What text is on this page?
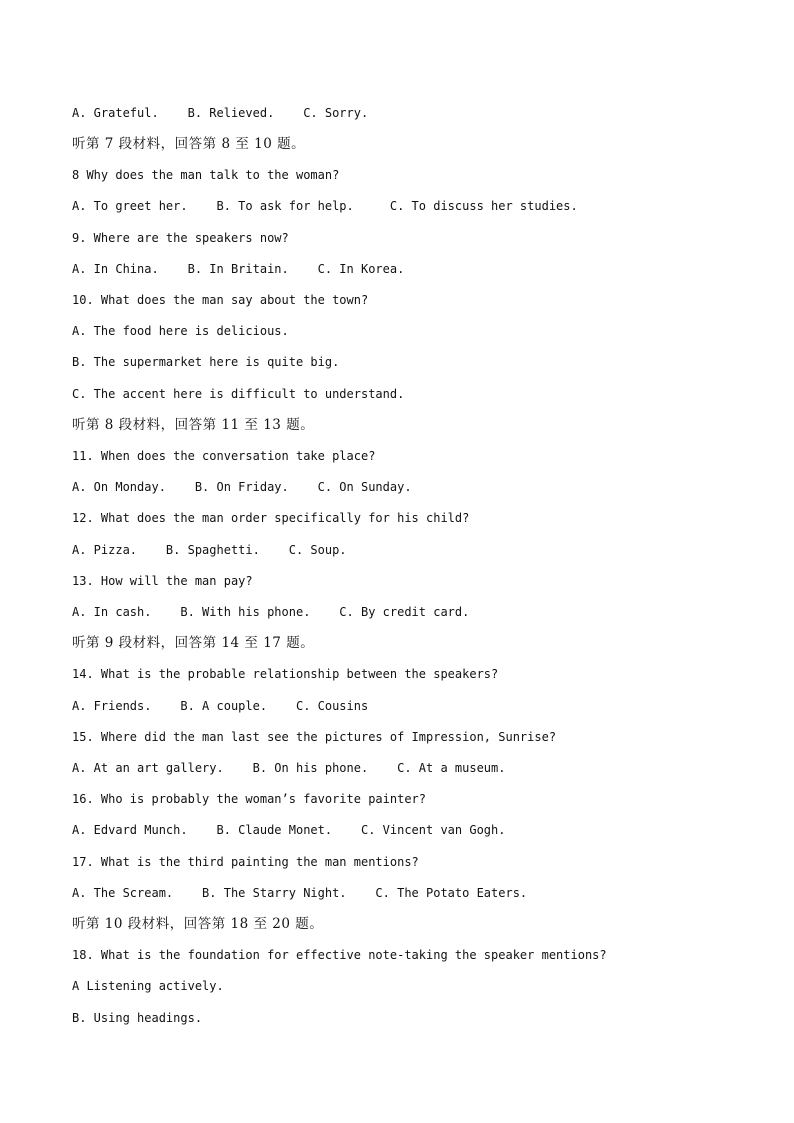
A. Grateful.    B. Relieved.    C. Sorry.
听第 7 段材料，回答第 8 至 10 题。
8 Why does the man talk to the woman?
A. To greet her.    B. To ask for help.     C. To discuss her studies.
9. Where are the speakers now?
A. In China.    B. In Britain.    C. In Korea.
10. What does the man say about the town?
A. The food here is delicious.
B. The supermarket here is quite big.
C. The accent here is difficult to understand.
听第 8 段材料，回答第 11 至 13 题。
11. When does the conversation take place?
A. On Monday.    B. On Friday.    C. On Sunday.
12. What does the man order specifically for his child?
A. Pizza.    B. Spaghetti.    C. Soup.
13. How will the man pay?
A. In cash.    B. With his phone.    C. By credit card.
听第 9 段材料，回答第 14 至 17 题。
14. What is the probable relationship between the speakers?
A. Friends.    B. A couple.    C. Cousins
15. Where did the man last see the pictures of Impression, Sunrise?
A. At an art gallery.    B. On his phone.    C. At a museum.
16. Who is probably the woman’s favorite painter?
A. Edvard Munch.    B. Claude Monet.    C. Vincent van Gogh.
17. What is the third painting the man mentions?
A. The Scream.    B. The Starry Night.    C. The Potato Eaters.
听第 10 段材料，回答第 18 至 20 题。
18. What is the foundation for effective note-taking the speaker mentions?
A Listening actively.
B. Using headings.
